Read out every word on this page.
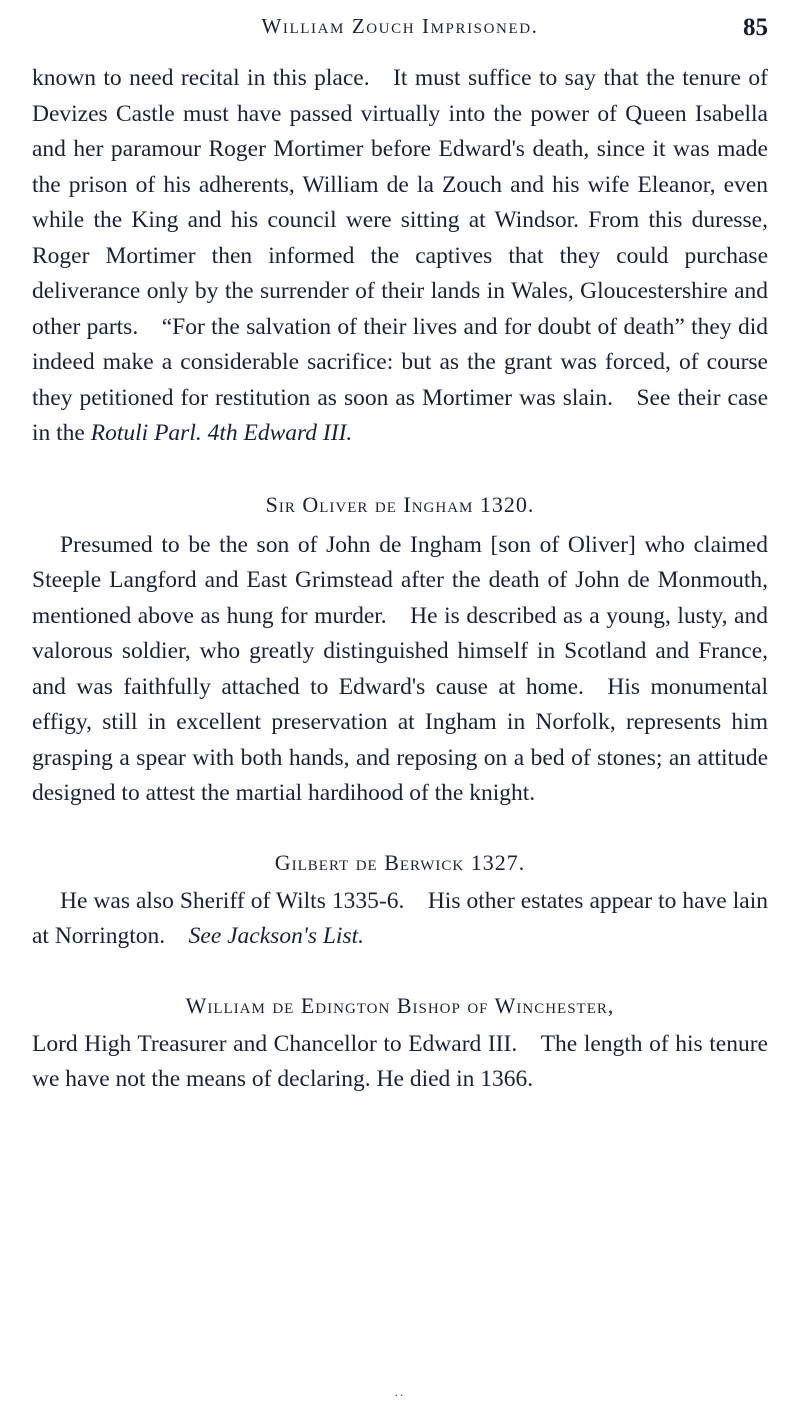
William Zouch Imprisoned.	85

known to need recital in this place. It must suffice to say that the tenure of Devizes Castle must have passed virtually into the power of Queen Isabella and her paramour Roger Mortimer before Edward's death, since it was made the prison of his adherents, William de la Zouch and his wife Eleanor, even while the King and his council were sitting at Windsor. From this duresse, Roger Mortimer then informed the captives that they could purchase deliverance only by the surrender of their lands in Wales, Gloucestershire and other parts. “For the salvation of their lives and for doubt of death” they did indeed make a considerable sacrifice: but as the grant was forced, of course they petitioned for restitution as soon as Mortimer was slain. See their case in the Rotuli Parl. 4th Edward III.

Sir Oliver de Ingham 1320.

Presumed to be the son of John de Ingham [son of Oliver] who claimed Steeple Langford and East Grimstead after the death of John de Monmouth, mentioned above as hung for murder. He is described as a young, lusty, and valorous soldier, who greatly distinguished himself in Scotland and France, and was faithfully attached to Edward's cause at home. His monumental effigy, still in excellent preservation at Ingham in Norfolk, represents him grasping a spear with both hands, and reposing on a bed of stones; an attitude designed to attest the martial hardihood of the knight.

Gilbert de Berwick 1327.

He was also Sheriff of Wilts 1335-6. His other estates appear to have lain at Norrington. See Jackson's List.

William de Edington Bishop of Winchester,

Lord High Treasurer and Chancellor to Edward III. The length of his tenure we have not the means of declaring. He died in 1366.

..
